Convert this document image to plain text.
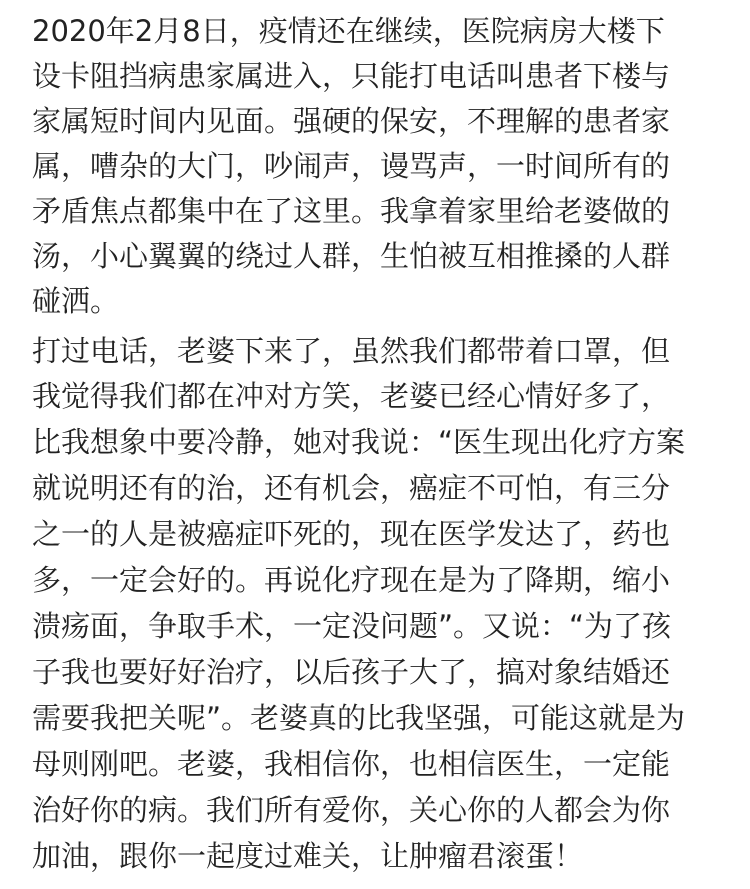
2020年2月8日，疫情还在继续，医院病房大楼下
设卡阻挡病患家属进入，只能打电话叫患者下楼与
家属短时间内见面。强硬的保安，不理解的患者家
属，嘈杂的大门，吵闹声，谩骂声，一时间所有的
矛盾焦点都集中在了这里。我拿着家里给老婆做的
汤，小心翼翼的绕过人群，生怕被互相推搡的人群
碰洒。
打过电话，老婆下来了，虽然我们都带着口罩，但
我觉得我们都在冲对方笑，老婆已经心情好多了，
比我想象中要冷静，她对我说：“医生现出化疗方案
就说明还有的治，还有机会，癌症不可怕，有三分
之一的人是被癌症吓死的，现在医学发达了，药也
多，一定会好的。再说化疗现在是为了降期，缩小
溃疡面，争取手术，一定没问题”。又说：“为了孩
子我也要好好治疗，以后孩子大了，搞对象结婚还
需要我把关呢”。老婆真的比我坚强，可能这就是为
母则刚吧。老婆，我相信你，也相信医生，一定能
治好你的病。我们所有爱你，关心你的人都会为你
加油，跟你一起度过难关，让肿瘤君滚蛋！
